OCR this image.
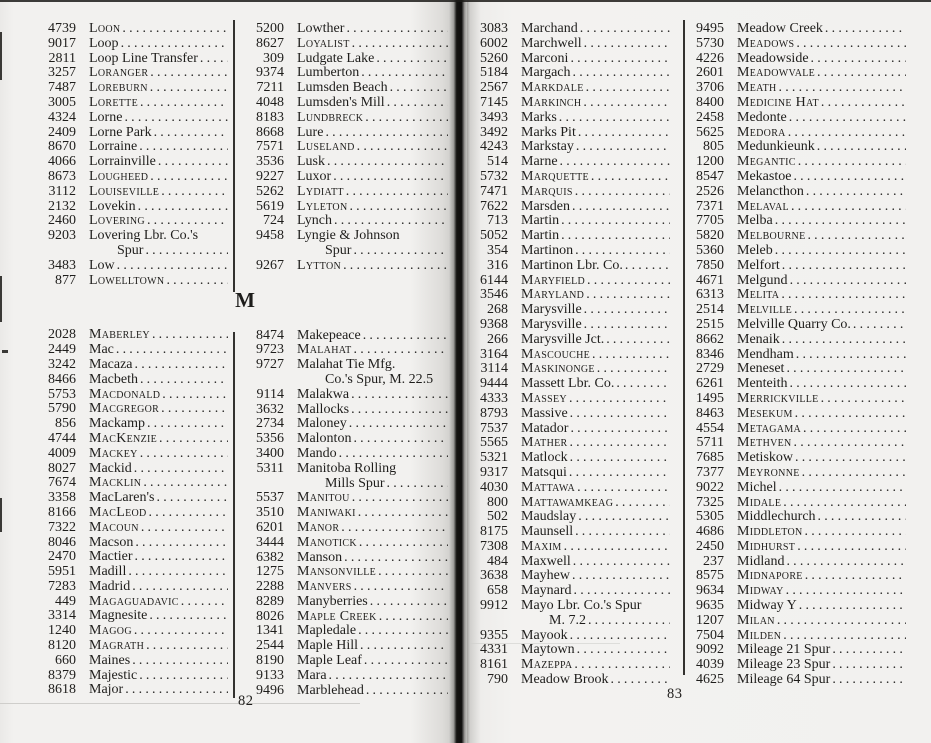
4739 Loon
.....
9017 Loop
.....
2811 Loop Line Transfer
.....
3257 Loranger
.....
7487 Loreburn
.....
3005 Lorette
.....
4324 Lorne
.....
2409 Lorne Park
.....
8670 Lorraine
.....
4066 Lorrainville
.....
8673 Lougheed
.....
3112 Louiseville
.....
2132 Lovekin
.....
2460 Lovering
.....
9203 Lovering Lbr. Co.'s
Spur
.....
3483 Low
.....
877 Lowelltown
.....
2028 Maberley
.....
2449 Mac
.....
3242 Macaza
.....
8466 Macbeth
.....
5753 Macdonald
.....
5790 Macgregor
.....
856 Mackamp
.....
4744 MacKenzie
.....
4009 Mackey
.....
8027 Mackid
.....
7674 Macklin
.....
3358 MacLaren's
.....
8166 MacLeod
.....
7322 Macoun
.....
8046 Macson
.....
2470 Mactier
.....
5951 Madill
.....
7283 Madrid
.....
449 Magaguadavic
.....
3314 Magnesite
.....
1240 Magog
.....
8120 Magrath
.....
660 Maines
.....
8379 Majestic
.....
8618 Major
.....
5200 Lowther
.....
8627 Loyalist
.....
309 Ludgate Lake
.....
9374 Lumberton
.....
7211 Lumsden Beach
.....
4048 Lumsden's Mill
.....
8183 Lundbreck
.....
8668 Lure
.....
7571 Luseland
.....
3536 Lusk
.....
9227 Luxor
.....
5262 Lydiatt
.....
5619 Lyleton
.....
724 Lynch
.....
9458 Lyngie & Johnson
Spur
.....
9267 Lytton
.....
8474 Makepeace
.....
9723 Malahat
.....
9727 Malahat Tie Mfg.
Co.'s Spur, M. 22.5
9114 Malakwa
.....
3632 Mallocks
.....
2734 Maloney
.....
5356 Malonton
.....
3400 Mando
.....
5311 Manitoba Rolling
Mills Spur
.....
5537 Manitou
.....
3510 Maniwaki
.....
6201 Manor
.....
3444 Manotick
.....
6382 Manson
.....
1275 Mansonville
.....
2288 Manvers
.....
8289 Manyberries
.....
8026 Maple Creek
.....
1341 Mapledale
.....
2544 Maple Hill
.....
8190 Maple Leaf
.....
9133 Mara
.....
9496 Marblehead
.....
3083 Marchand
.....
6002 Marchwell
.....
5260 Marconi
.....
5184 Margach
.....
2567 Markdale
.....
7145 Markinch
.....
3493 Marks
.....
3492 Marks Pit
.....
4243 Markstay
.....
514 Marne
.....
5732 Marquette
.....
7471 Marquis
.....
7622 Marsden
.....
713 Martin
.....
5052 Martin
.....
354 Martinon
.....
316 Martinon Lbr. Co.
.....
6144 Maryfield
.....
3546 Maryland
.....
268 Marysville
.....
9368 Marysville
.....
266 Marysville Jct.
.....
3164 Mascouche
.....
3114 Maskinonge
.....
9444 Massett Lbr. Co.
.....
4333 Massey
.....
8793 Massive
.....
7537 Matador
.....
5565 Mather
.....
5321 Matlock
.....
9317 Matsqui
.....
4030 Mattawa
.....
800 Mattawamkeag
.....
502 Maudslay
.....
8175 Maunsell
.....
7308 Maxim
.....
484 Maxwell
.....
3638 Mayhew
.....
658 Maynard
.....
9912 Mayo Lbr. Co.'s Spur
M. 7.2
.....
9355 Mayook
.....
4331 Maytown
.....
8161 Mazeppa
.....
790 Meadow Brook
.....
9495 Meadow Creek
.....
5730 Meadows
.....
4226 Meadowside
.....
2601 Meadowvale
.....
3706 Meath
.....
8400 Medicine Hat
.....
2458 Medonte
.....
5625 Medora
.....
805 Medunkieunk
.....
1200 Megantic
.....
8547 Mekastoe
.....
2526 Melancthon
.....
7371 Melaval
.....
7705 Melba
.....
5820 Melbourne
.....
5360 Meleb
.....
7850 Melfort
.....
4671 Melgund
.....
6313 Melita
.....
2514 Melville
.....
2515 Melville Quarry Co.
.....
8662 Menaik
.....
8346 Mendham
.....
2729 Meneset
.....
6261 Menteith
.....
1495 Merrickville
.....
8463 Mesekum
.....
4554 Metagama
.....
5711 Methven
.....
7685 Metiskow
.....
7377 Meyronne
.....
9022 Michel
.....
7325 Midale
.....
5305 Middlechurch
.....
4686 Middleton
.....
2450 Midhurst
.....
237 Midland
.....
8575 Midnapore
.....
9634 Midway
.....
9635 Midway Y
.....
1207 Milan
.....
7504 Milden
.....
9092 Mileage 21 Spur
.....
4039 Mileage 23 Spur
.....
4625 Mileage 64 Spur
.....
M
82	83
